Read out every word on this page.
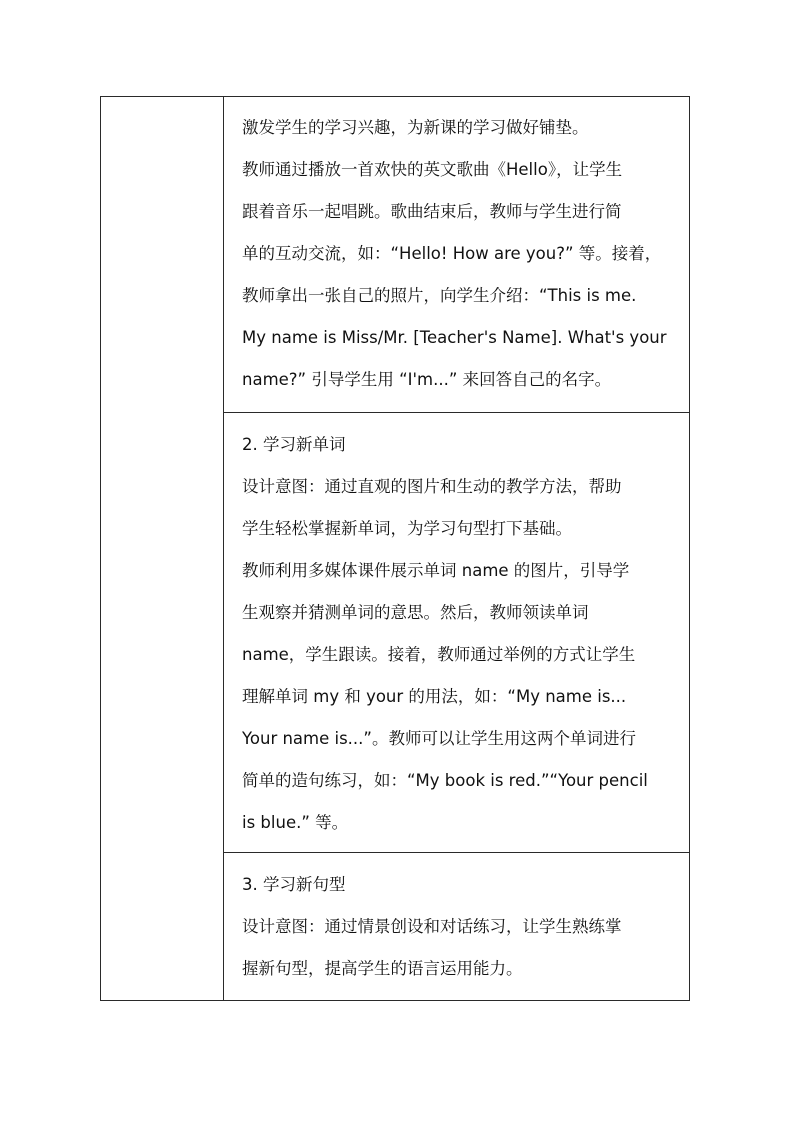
激发学生的学习兴趣，为新课的学习做好铺垫。
教师通过播放一首欢快的英文歌曲《Hello》，让学生
跟着音乐一起唱跳。歌曲结束后，教师与学生进行简
单的互动交流，如：“Hello! How are you?” 等。接着，
教师拿出一张自己的照片，向学生介绍：“This is me.
My name is Miss/Mr. [Teacher's Name]. What's your
name?” 引导学生用 “I'm...” 来回答自己的名字。
2. 学习新单词
设计意图：通过直观的图片和生动的教学方法，帮助
学生轻松掌握新单词，为学习句型打下基础。
教师利用多媒体课件展示单词 name 的图片，引导学
生观察并猜测单词的意思。然后，教师领读单词
name，学生跟读。接着，教师通过举例的方式让学生
理解单词 my 和 your 的用法，如：“My name is...
Your name is...”。教师可以让学生用这两个单词进行
简单的造句练习，如：“My book is red.”“Your pencil
is blue.” 等。
3. 学习新句型
设计意图：通过情景创设和对话练习，让学生熟练掌
握新句型，提高学生的语言运用能力。
